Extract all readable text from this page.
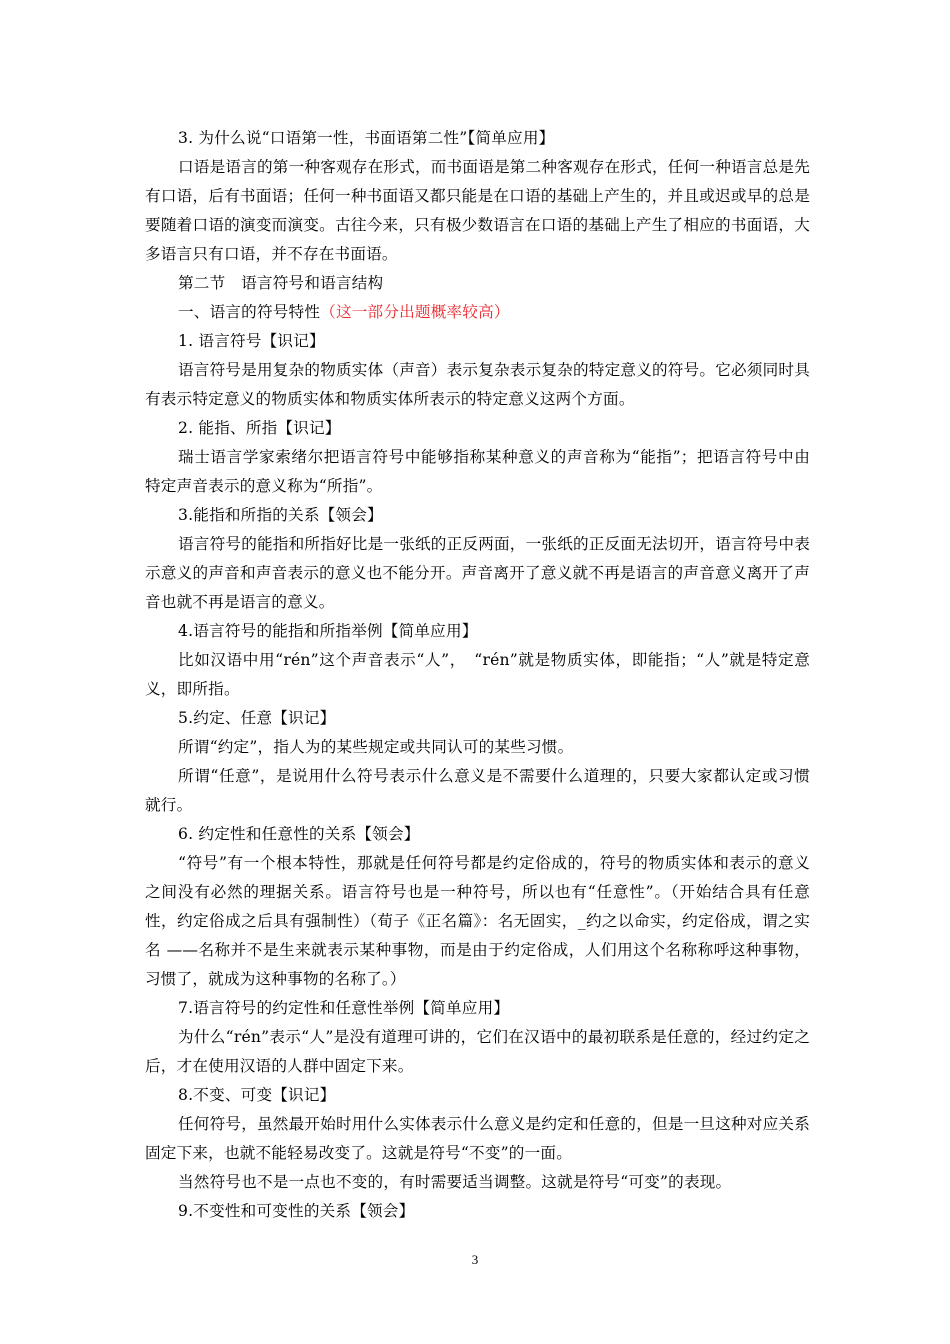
3. 为什么说“口语第一性，书面语第二性”【简单应用】

口语是语言的第一种客观存在形式，而书面语是第二种客观存在形式，任何一种语言总是先有口语，后有书面语；任何一种书面语又都只能是在口语的基础上产生的，并且或迟或早的总是要随着口语的演变而演变。古往今来，只有极少数语言在口语的基础上产生了相应的书面语，大多语言只有口语，并不存在书面语。

第二节　语言符号和语言结构

一、语言的符号特性（这一部分出题概率较高）

1. 语言符号【识记】

语言符号是用复杂的物质实体（声音）表示复杂表示复杂的特定意义的符号。它必须同时具有表示特定意义的物质实体和物质实体所表示的特定意义这两个方面。

2. 能指、所指【识记】

瑞士语言学家索绪尔把语言符号中能够指称某种意义的声音称为“能指”；把语言符号中由特定声音表示的意义称为“所指”。

3.能指和所指的关系【领会】

语言符号的能指和所指好比是一张纸的正反两面，一张纸的正反面无法切开，语言符号中表示意义的声音和声音表示的意义也不能分开。声音离开了意义就不再是语言的声音意义离开了声音也就不再是语言的意义。

4.语言符号的能指和所指举例【简单应用】

比如汉语中用“rén”这个声音表示“人”，　“rén”就是物质实体，即能指；“人”就是特定意义，即所指。

5.约定、任意【识记】

所谓“约定”，指人为的某些规定或共同认可的某些习惯。

所谓“任意”，是说用什么符号表示什么意义是不需要什么道理的，只要大家都认定或习惯就行。

6. 约定性和任意性的关系【领会】

“符号”有一个根本特性，那就是任何符号都是约定俗成的，符号的物质实体和表示的意义之间没有必然的理据关系。语言符号也是一种符号，所以也有“任意性”。（开始结合具有任意性，约定俗成之后具有强制性）（荀子《正名篇》：名无固实，_约之以命实，约定俗成，谓之实名 ——名称并不是生来就表示某种事物，而是由于约定俗成，人们用这个名称称呼这种事物，习惯了，就成为这种事物的名称了。）

7.语言符号的约定性和任意性举例【简单应用】

为什么“rén”表示“人”是没有道理可讲的，它们在汉语中的最初联系是任意的，经过约定之后，才在使用汉语的人群中固定下来。

8.不变、可变【识记】

任何符号，虽然最开始时用什么实体表示什么意义是约定和任意的，但是一旦这种对应关系固定下来，也就不能轻易改变了。这就是符号“不变”的一面。

当然符号也不是一点也不变的，有时需要适当调整。这就是符号“可变”的表现。

9.不变性和可变性的关系【领会】

3
